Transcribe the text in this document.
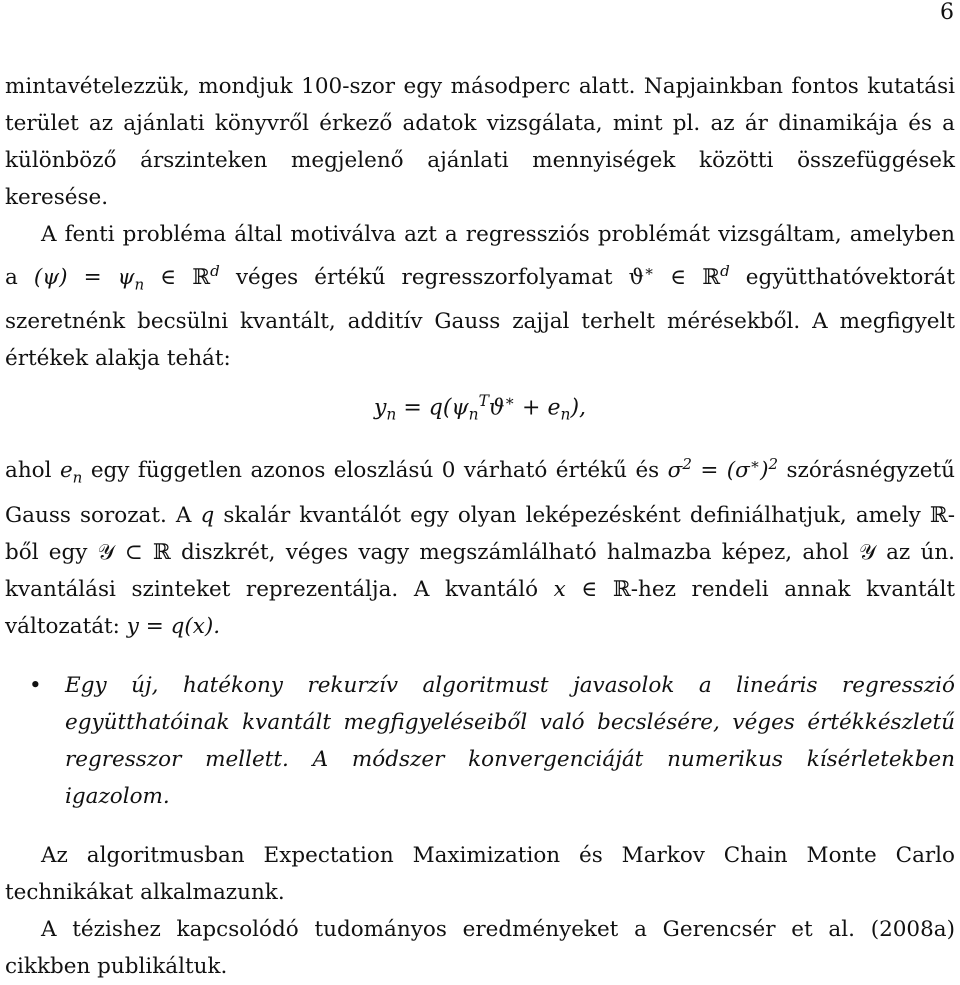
6

mintavételezzük, mondjuk 100-szor egy másodperc alatt. Napjainkban fontos kutatási terület az ajánlati könyvről érkező adatok vizsgálata, mint pl. az ár dinamikája és a különböző árszinteken megjelenő ajánlati mennyiségek közötti összefüggések keresése.

A fenti probléma által motiválva azt a regressziós problémát vizsgáltam, amelyben a $(\psi) = \psi_n$ ∈ ℝ$^d$ véges értékű regresszorfolyamat ϑ∗ ∈ ℝ$^d$ együtthatóvektorát szeretnénk becsülni kvantált, additív Gauss zajjal terhelt mérésekből. A megfigyelt értékek alakja tehát:

$y_n = q(\psi_n^Tϑ^∗ + e_n)$,

ahol $e_n$ egy független azonos eloszlású 0 várható értékű és $\sigma^2 = (\sigma^∗)^2$ szórásnégyzetű Gauss sorozat. A q skalár kvantálót egy olyan leképezésként definiálhatjuk, amely ℝ-ből egy 𝒴 ⊂ ℝ diszkrét, véges vagy megszámlálható halmazba képez, ahol 𝒴 az ún. kvantálási szinteket reprezentálja. A kvantáló x ∈ ℝ-hez rendeli annak kvantált változatát: y = q(x).

• Egy új, hatékony rekurzív algoritmust javasolok a lineáris regresszió együtthatóinak kvantált megfigyeléseiből való becslésére, véges értékkészletű regresszor mellett. A módszer konvergenciáját numerikus kísérletekben igazolom.

Az algoritmusban Expectation Maximization és Markov Chain Monte Carlo technikákat alkalmazunk.

A tézishez kapcsolódó tudományos eredményeket a Gerencsér et al. (2008a) cikkben publikáltuk.
